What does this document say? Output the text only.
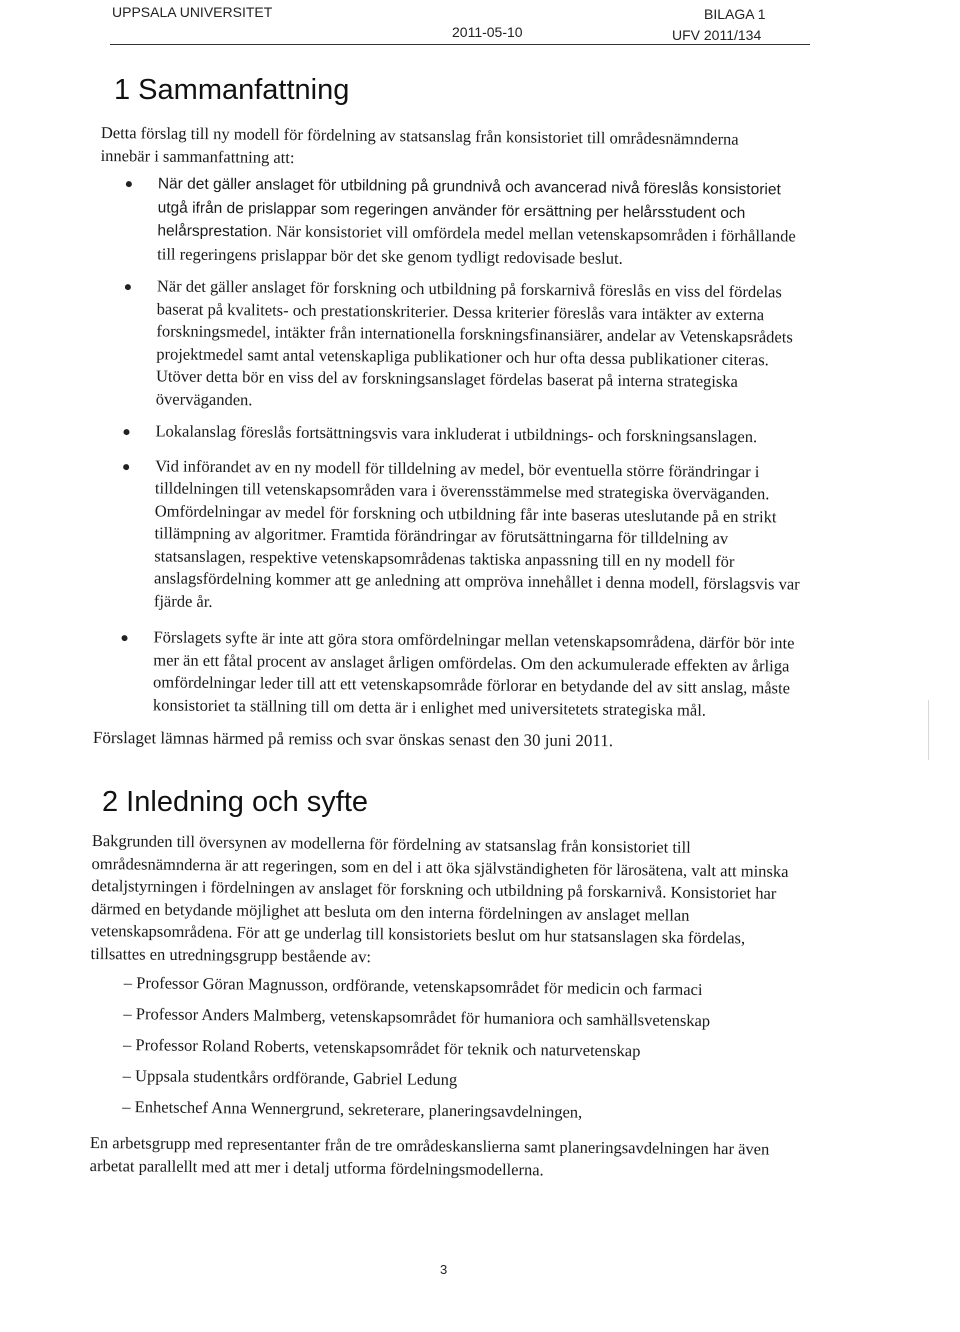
UPPSALA UNIVERSITET	BILAGA 1
2011-05-10	UFV 2011/134
1 Sammanfattning

Detta förslag till ny modell för fördelning av statsanslag från konsistoriet till områdesnämnderna innebär i sammanfattning att:

När det gäller anslaget för utbildning på grundnivå och avancerad nivå föreslås konsistoriet utgå ifrån de prislappar som regeringen använder för ersättning per helårsstudent och helårsprestation. När konsistoriet vill omfördela medel mellan vetenskapsområden i förhållande till regeringens prislappar bör det ske genom tydligt redovisade beslut.
När det gäller anslaget för forskning och utbildning på forskarnivå föreslås en viss del fördelas baserat på kvalitets- och prestationskriterier. Dessa kriterier föreslås vara intäkter av externa forskningsmedel, intäkter från internationella forskningsfinansiärer, andelar av Vetenskapsrådets projektmedel samt antal vetenskapliga publikationer och hur ofta dessa publikationer citeras. Utöver detta bör en viss del av forskningsanslaget fördelas baserat på interna strategiska överväganden.
Lokalanslag föreslås fortsättningsvis vara inkluderat i utbildnings- och forskningsanslagen.
Vid införandet av en ny modell för tilldelning av medel, bör eventuella större förändringar i tilldelningen till vetenskapsområden vara i överensstämmelse med strategiska överväganden. Omfördelningar av medel för forskning och utbildning får inte baseras uteslutande på en strikt tillämpning av algoritmer. Framtida förändringar av förutsättningarna för tilldelning av statsanslagen, respektive vetenskapsområdenas taktiska anpassning till en ny modell för anslagsfördelning kommer att ge anledning att ompröva innehållet i denna modell, förslagsvis var fjärde år.
Förslagets syfte är inte att göra stora omfördelningar mellan vetenskapsområdena, därför bör inte mer än ett fåtal procent av anslaget årligen omfördelas. Om den ackumulerade effekten av årliga omfördelningar leder till att ett vetenskapsområde förlorar en betydande del av sitt anslag, måste konsistoriet ta ställning till om detta är i enlighet med universitetets strategiska mål.

Förslaget lämnas härmed på remiss och svar önskas senast den 30 juni 2011.

2 Inledning och syfte

Bakgrunden till översynen av modellerna för fördelning av statsanslag från konsistoriet till områdesnämnderna är att regeringen, som en del i att öka självständigheten för lärosätena, valt att minska detaljstyrningen i fördelningen av anslaget för forskning och utbildning på forskarnivå. Konsistoriet har därmed en betydande möjlighet att besluta om den interna fördelningen av anslaget mellan vetenskapsområdena. För att ge underlag till konsistoriets beslut om hur statsanslagen ska fördelas, tillsattes en utredningsgrupp bestående av:

– Professor Göran Magnusson, ordförande, vetenskapsområdet för medicin och farmaci
– Professor Anders Malmberg, vetenskapsområdet för humaniora och samhällsvetenskap
– Professor Roland Roberts, vetenskapsområdet för teknik och naturvetenskap
– Uppsala studentkårs ordförande, Gabriel Ledung
– Enhetschef Anna Wennergrund, sekreterare, planeringsavdelningen,

En arbetsgrupp med representanter från de tre områdeskanslierna samt planeringsavdelningen har även arbetat parallellt med att mer i detalj utforma fördelningsmodellerna.

3
